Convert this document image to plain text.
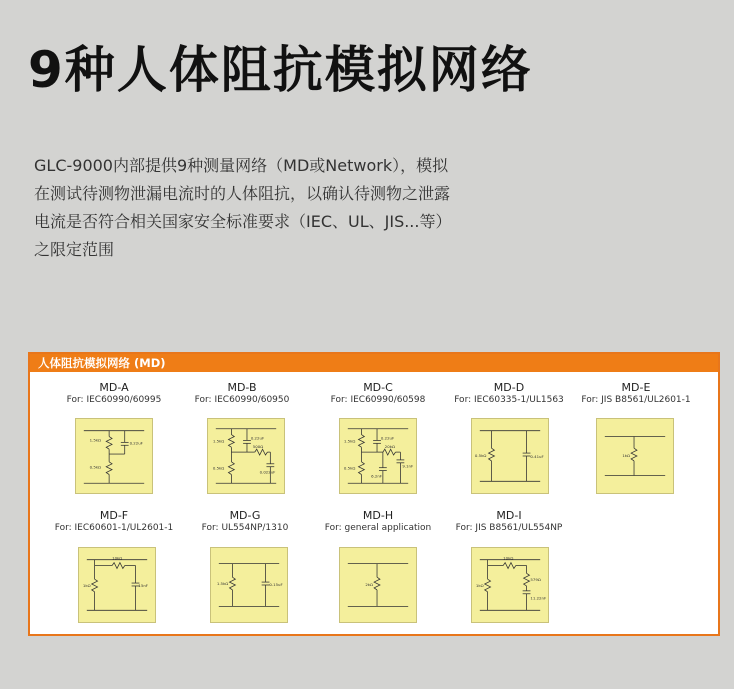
9种人体阻抗模拟网络

GLC-9000内部提供9种测量网络（MD或Network），模拟

在测试待测物泄漏电流时的人体阻抗，以确认待测物之泄露

电流是否符合相关国家安全标准要求（IEC、UL、JIS...等）

之限定范围

人体阻抗模拟网络 (MD)
MD-A
For: IEC60990/60995
1.5kΩ
0.22uF
0.5kΩ
MD-B
For: IEC60990/60950
1.5kΩ
0.22uF
0.5kΩ
500Ω
0.022uF
MD-C
For: IEC60990/60598
1.5kΩ
0.22uF
0.5kΩ
20kΩ
6.2nF
9.1nF
MD-D
For: IEC60335-1/UL1563
0.5kΩ	0.41uF
MD-E
For: JIS B8561/UL2601-1
1kΩ
MD-F
For: IEC60601-1/UL2601-1
10kΩ
1kΩ	15nF
MD-G
For: UL554NP/1310
1.5kΩ	0.15uF
MD-H
For: general application
2kΩ
MD-I
For: JIS B8561/UL554NP
10kΩ
1kΩ
579Ω
11.22nF
